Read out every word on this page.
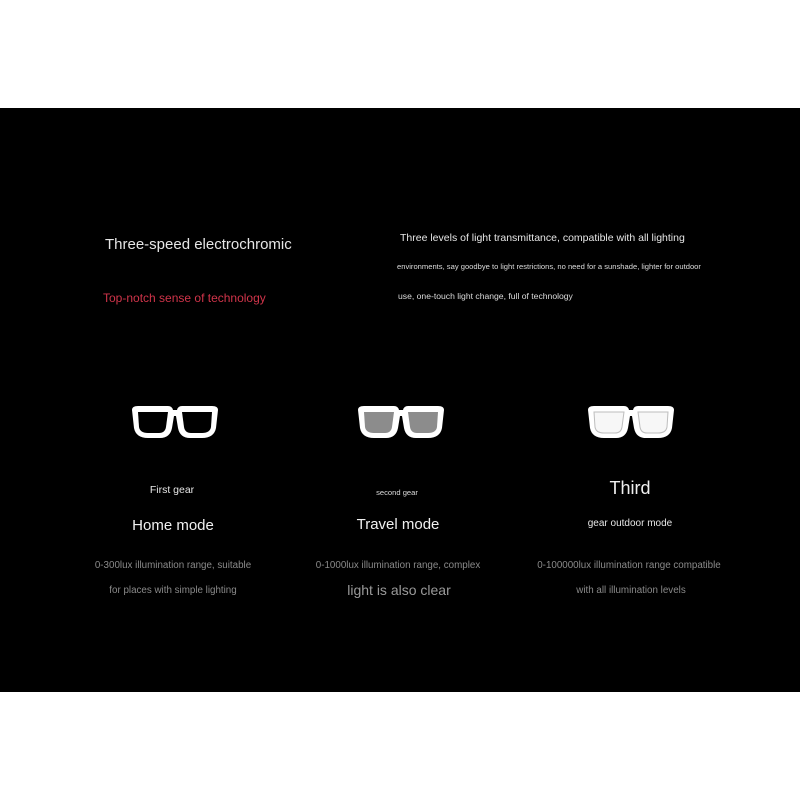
Three-speed electrochromic
Top-notch sense of technology
Three levels of light transmittance, compatible with all lighting
environments, say goodbye to light restrictions, no need for a sunshade, lighter for outdoor
use, one-touch light change, full of technology
First gear
Home mode
0-300lux illumination range, suitable
for places with simple lighting
second gear
Travel mode
0-1000lux illumination range, complex
light is also clear
Third
gear outdoor mode
0-100000lux illumination range compatible
with all illumination levels
